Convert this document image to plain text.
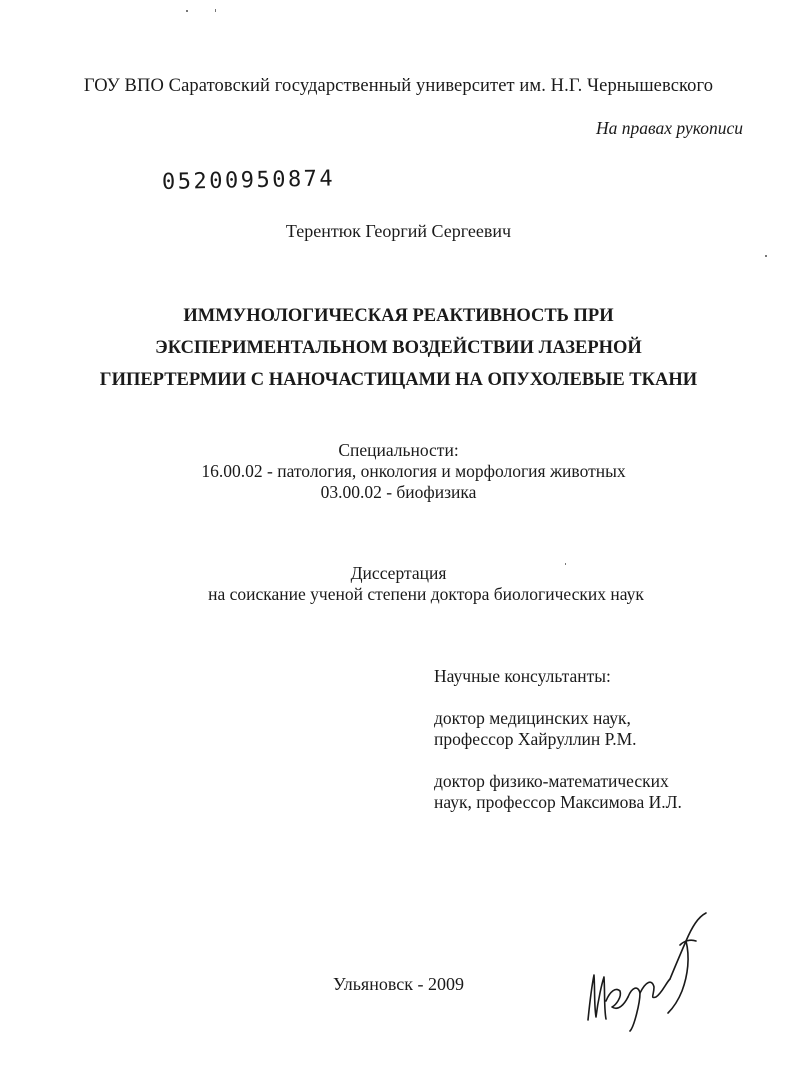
ГОУ ВПО Саратовский государственный университет им. Н.Г. Чернышевского
На правах рукописи
05200950874
Терентюк Георгий Сергеевич
ИММУНОЛОГИЧЕСКАЯ РЕАКТИВНОСТЬ ПРИ
ЭКСПЕРИМЕНТАЛЬНОМ ВОЗДЕЙСТВИИ ЛАЗЕРНОЙ
ГИПЕРТЕРМИИ С НАНОЧАСТИЦАМИ НА ОПУХОЛЕВЫЕ ТКАНИ
Специальности:
16.00.02 - патология, онкология и морфология животных
03.00.02 - биофизика
Диссертация
на соискание ученой степени доктора биологических наук
Научные консультанты:
доктор медицинских наук,
профессор Хайруллин Р.М.
доктор физико-математических
наук, профессор Максимова И.Л.
Ульяновск - 2009
